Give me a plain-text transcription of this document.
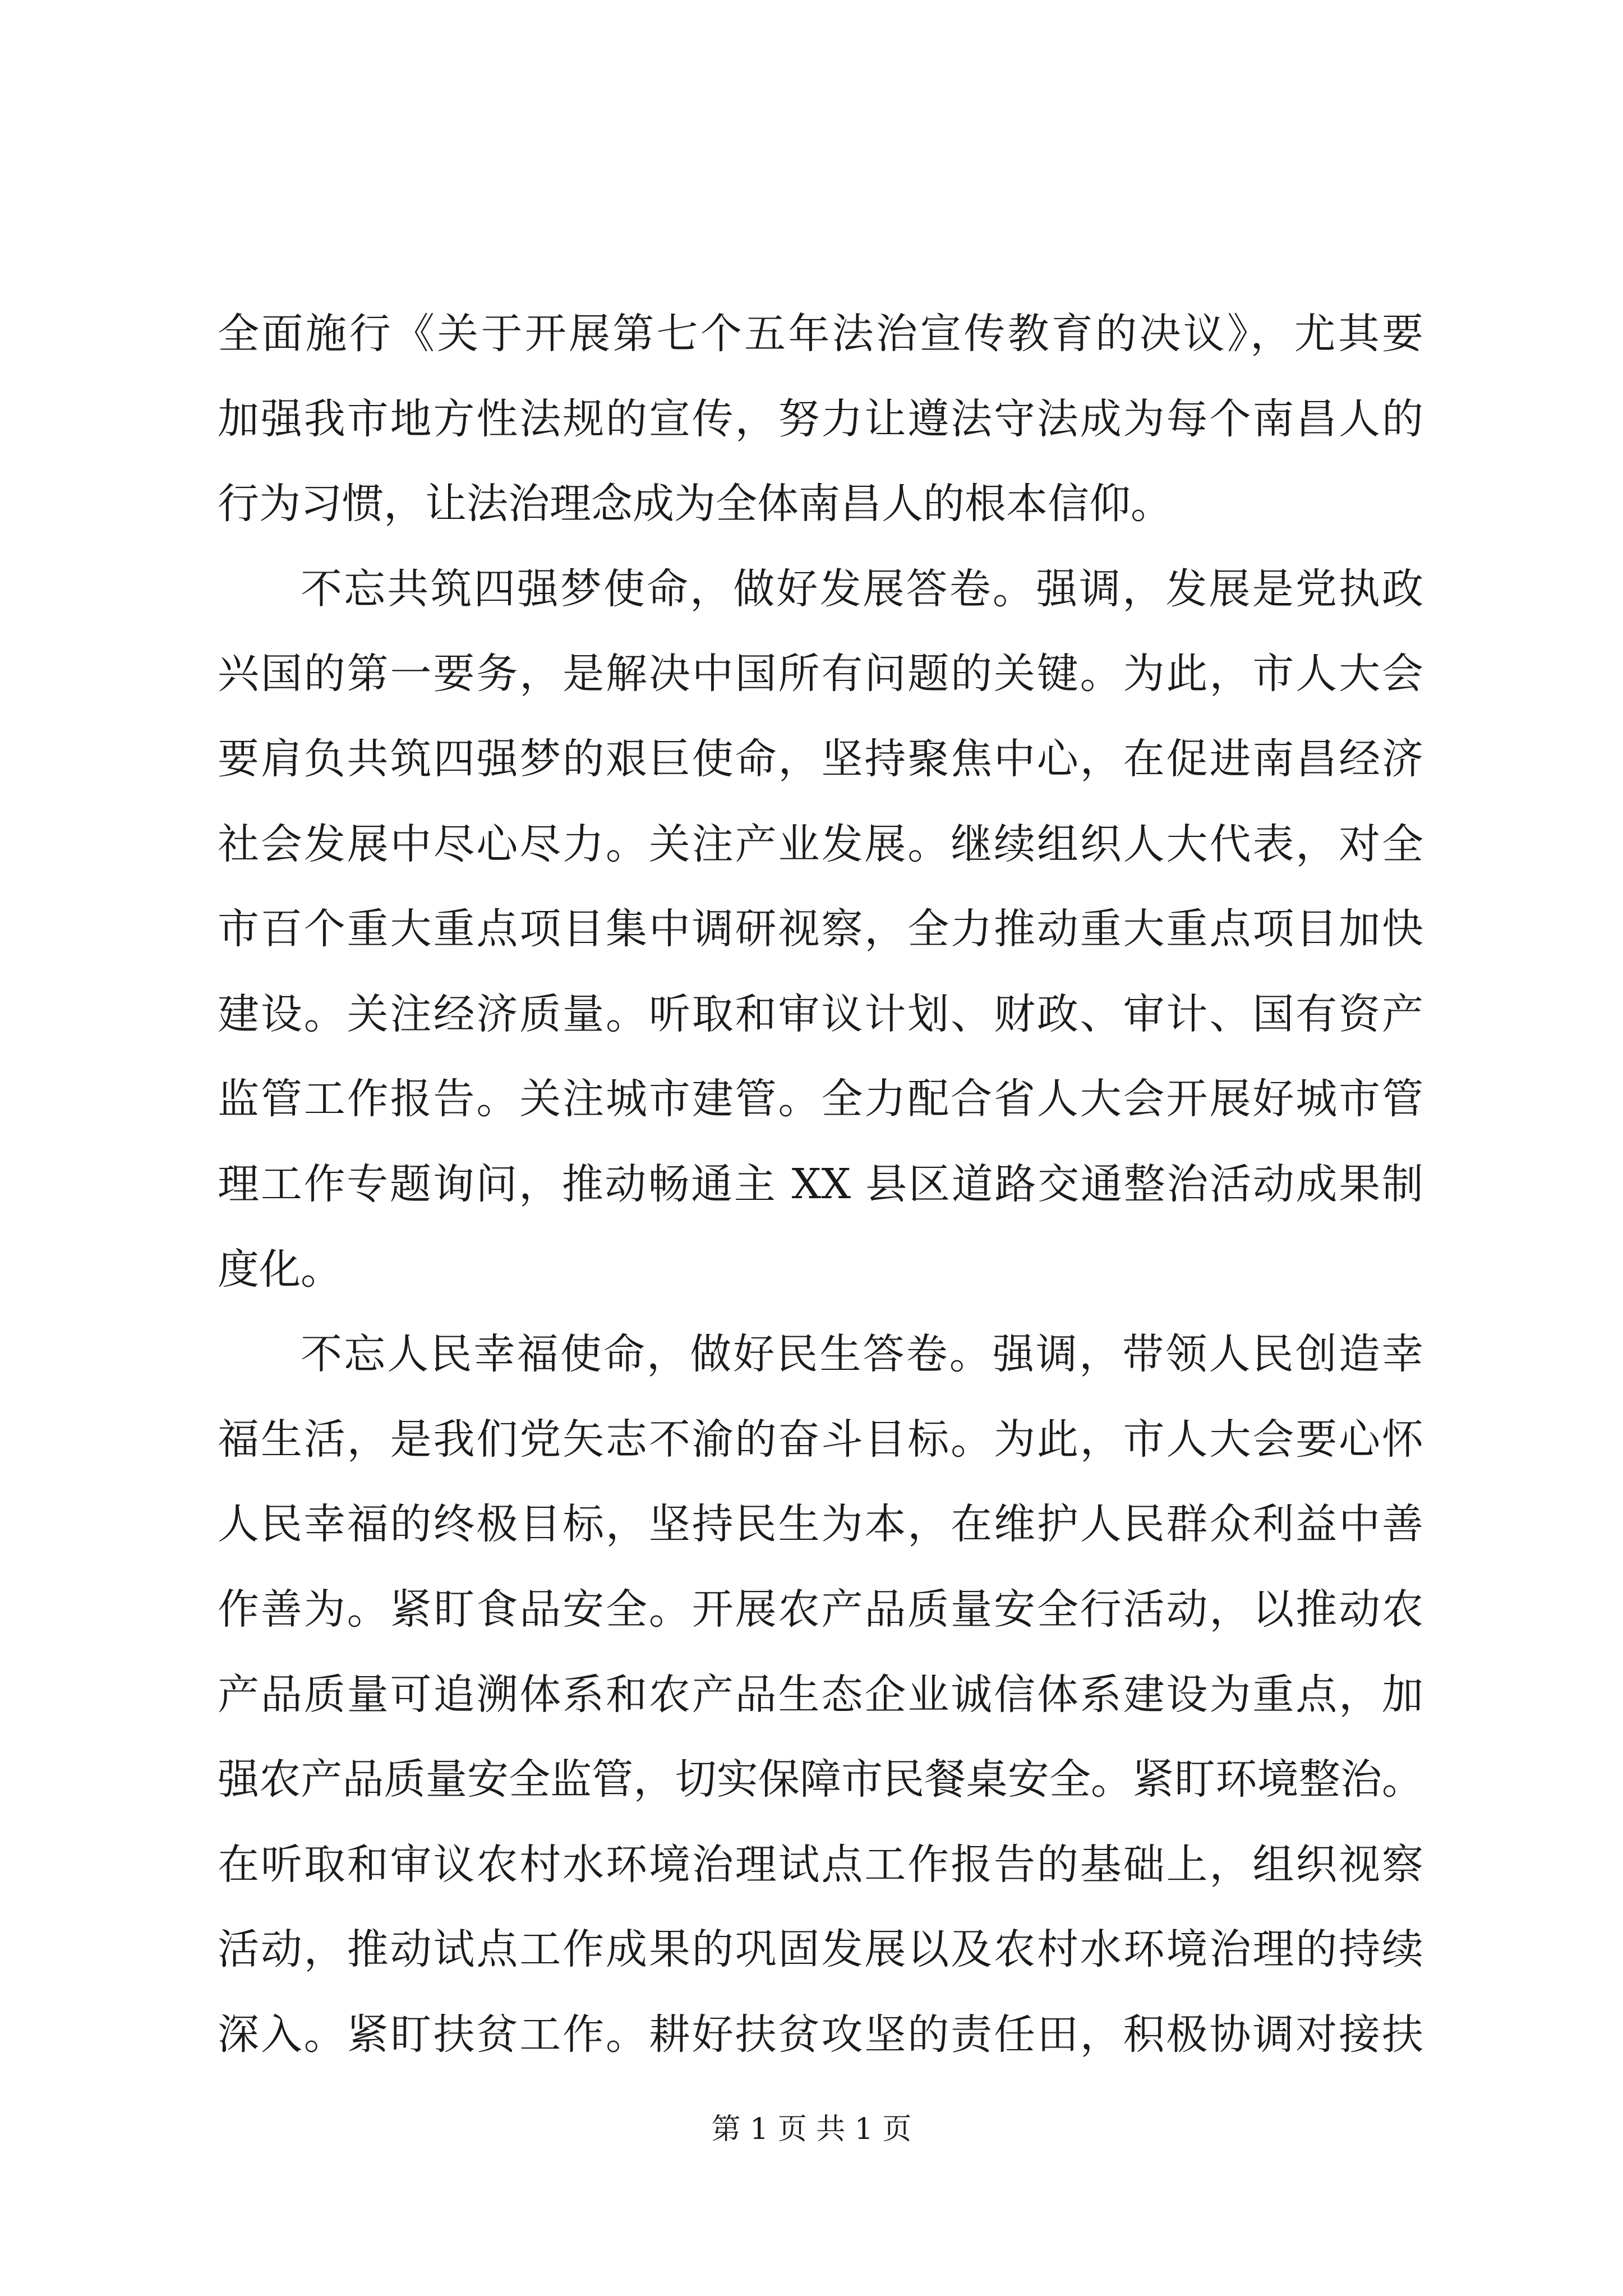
全面施行《关于开展第七个五年法治宣传教育的决议》，尤其要
加强我市地方性法规的宣传，努力让遵法守法成为每个南昌人的
行为习惯，让法治理念成为全体南昌人的根本信仰。
不忘共筑四强梦使命，做好发展答卷。强调，发展是党执政
兴国的第一要务，是解决中国所有问题的关键。为此，市人大会
要肩负共筑四强梦的艰巨使命，坚持聚焦中心，在促进南昌经济
社会发展中尽心尽力。关注产业发展。继续组织人大代表，对全
市百个重大重点项目集中调研视察，全力推动重大重点项目加快
建设。关注经济质量。听取和审议计划、财政、审计、国有资产
监管工作报告。关注城市建管。全力配合省人大会开展好城市管
理工作专题询问，推动畅通主 XX 县区道路交通整治活动成果制
度化。
不忘人民幸福使命，做好民生答卷。强调，带领人民创造幸
福生活，是我们党矢志不渝的奋斗目标。为此，市人大会要心怀
人民幸福的终极目标，坚持民生为本，在维护人民群众利益中善
作善为。紧盯食品安全。开展农产品质量安全行活动，以推动农
产品质量可追溯体系和农产品生态企业诚信体系建设为重点，加
强农产品质量安全监管，切实保障市民餐桌安全。紧盯环境整治。
在听取和审议农村水环境治理试点工作报告的基础上，组织视察
活动，推动试点工作成果的巩固发展以及农村水环境治理的持续
深入。紧盯扶贫工作。耕好扶贫攻坚的责任田，积极协调对接扶
第 1 页 共 1 页
